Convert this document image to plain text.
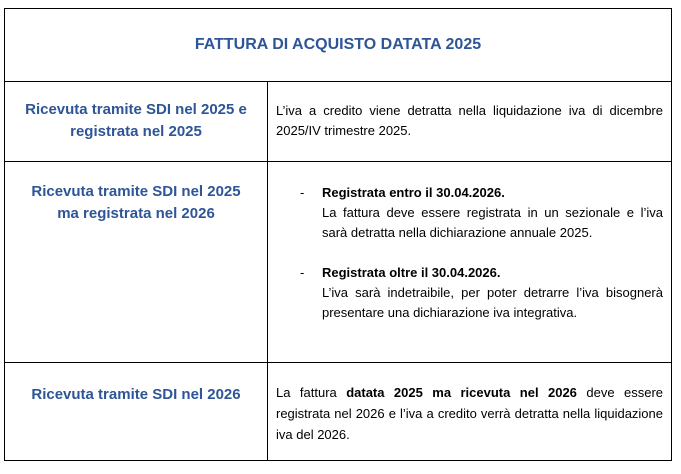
FATTURA DI ACQUISTO DATATA 2025
Ricevuta tramite SDI nel 2025 e
registrata nel 2025
L’iva a credito viene detratta nella liquidazione iva di dicembre 2025/IV trimestre 2025.
Ricevuta tramite SDI nel 2025
ma registrata nel 2026
- Registrata entro il 30.04.2026.
La fattura deve essere registrata in un sezionale e l’iva sarà detratta nella dichiarazione annuale 2025.
- Registrata oltre il 30.04.2026.
L’iva sarà indetraibile, per poter detrarre l’iva bisognerà presentare una dichiarazione iva integrativa.
Ricevuta tramite SDI nel 2026	La fattura datata 2025 ma ricevuta nel 2026 deve essere registrata nel 2026 e l’iva a credito verrà detratta nella liquidazione iva del 2026.
